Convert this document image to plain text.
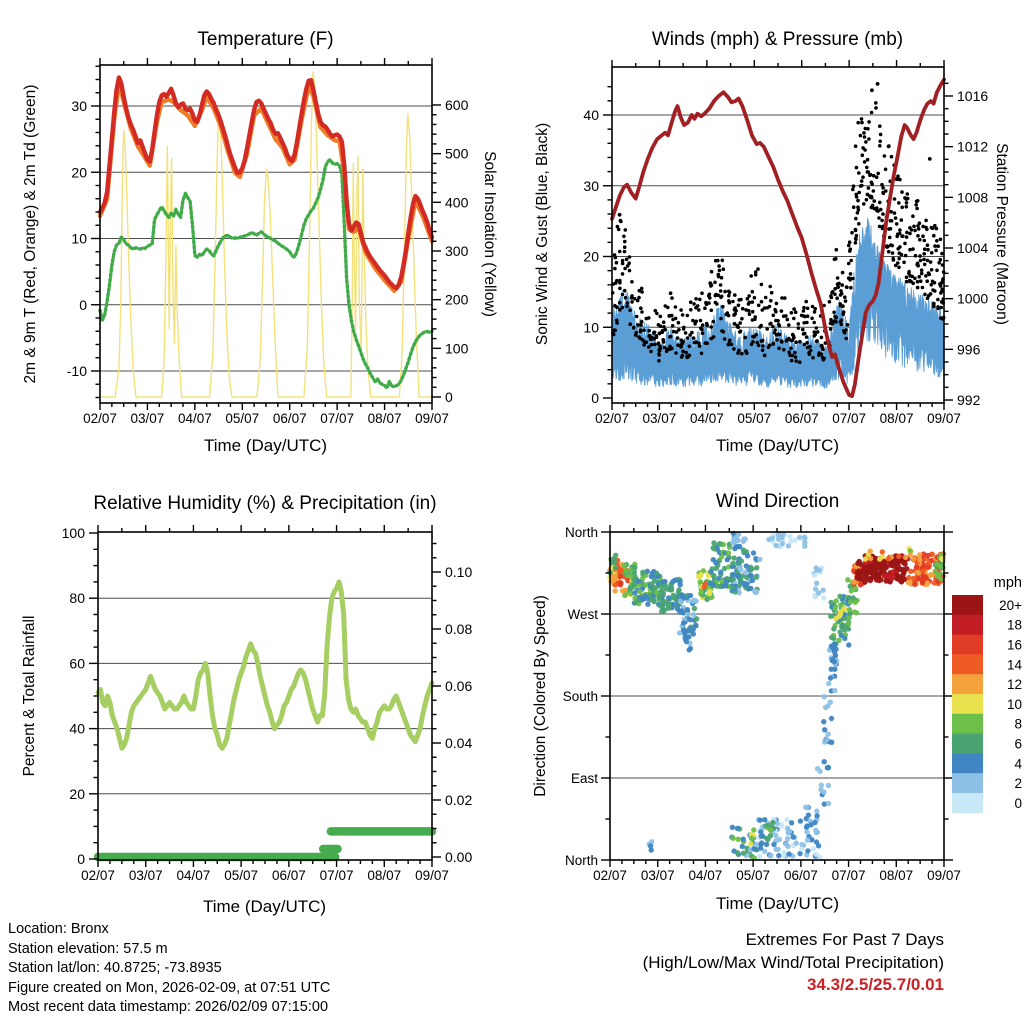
-10
0
10
20
30
0
100
200
300
400
500
600
02/07 03/07 04/07 05/07 06/07 07/07 08/07 09/07
0
10
20
30
40
992
996
1000
1004
1008
1012
1016
02/07 03/07 04/07 05/07 06/07 07/07 08/07 09/07
0
20
40
60
80
100
0.00
0.02
0.04
0.06
0.08
0.10
02/07 03/07 04/07 05/07 06/07 07/07 08/07 09/07
North
West
South
East
North
02/07 03/07 04/07 05/07 06/07 07/07 08/07 09/07
mph
20+
18
16
14
12
10
8
6
4
2
0
Temperature (F)	Winds (mph) & Pressure (mb)
Relative Humidity (%) & Precipitation (in)	Wind Direction
Time (Day/UTC)	Time (Day/UTC)
Time (Day/UTC)	Time (Day/UTC)
2m & 9m T (Red, Orange) & 2m Td (Green)	Solar Insolation (Yellow) Sonic Wind & Gust (Blue, Black)	Station Pressure (Maroon)
Percent & Total Rainfall	Direction (Colored By Speed)
Location: Bronx
Station elevation: 57.5 m
Station lat/lon: 40.8725; -73.8935
Figure created on Mon, 2026-02-09, at 07:51 UTC
Most recent data timestamp: 2026/02/09 07:15:00
Extremes For Past 7 Days
(High/Low/Max Wind/Total Precipitation)
34.3/2.5/25.7/0.01
